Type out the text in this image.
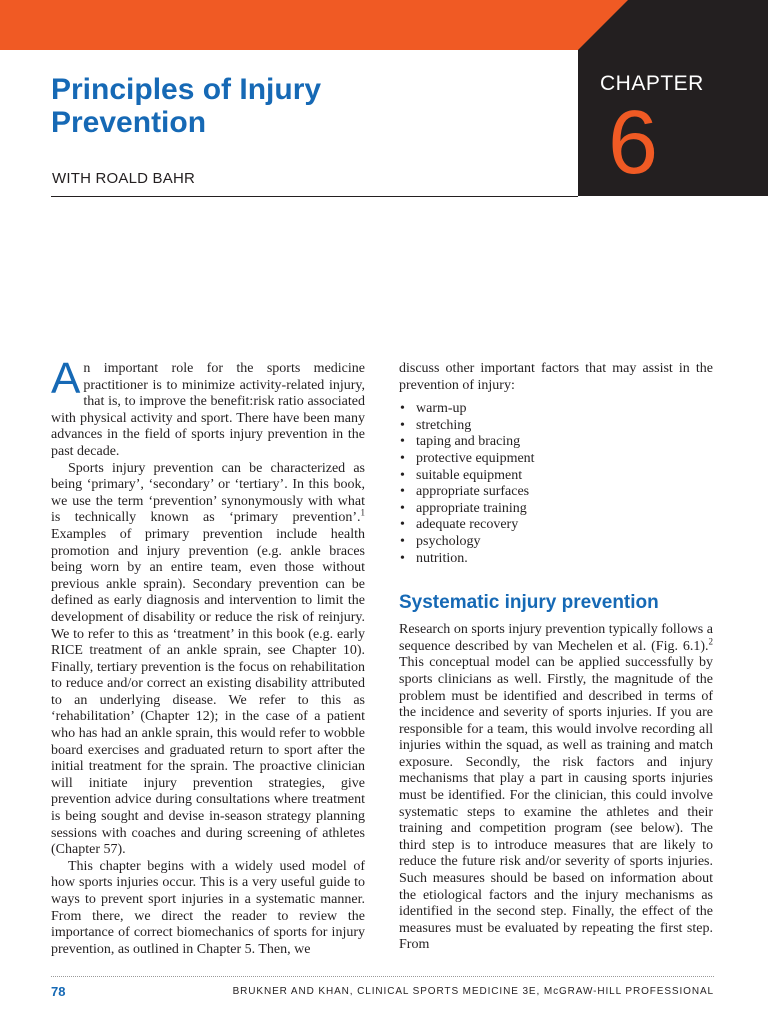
CHAPTER
6
Principles of Injury
Prevention
WITH ROALD BAHR

An important role for the sports medicine practitioner is to minimize activity-related injury, that is, to improve the benefit:risk ratio associated with physical activity and sport. There have been many advances in the field of sports injury prevention in the past decade.

Sports injury prevention can be characterized as being ‘primary’, ‘secondary’ or ‘tertiary’. In this book, we use the term ‘prevention’ synonymously with what is technically known as ‘primary prevention’.$^1$ Examples of primary prevention include health promotion and injury prevention (e.g. ankle braces being worn by an entire team, even those without previous ankle sprain). Secondary prevention can be defined as early diagnosis and intervention to limit the development of disability or reduce the risk of reinjury. We to refer to this as ‘treatment’ in this book (e.g. early RICE treatment of an ankle sprain, see Chapter 10). Finally, tertiary prevention is the focus on rehabilitation to reduce and/or correct an existing disability attributed to an underlying disease. We refer to this as ‘rehabilitation’ (Chapter 12); in the case of a patient who has had an ankle sprain, this would refer to wobble board exercises and graduated return to sport after the initial treatment for the sprain. The proactive clinician will initiate injury prevention strategies, give prevention advice during consultations where treatment is being sought and devise in-season strategy planning sessions with coaches and during screening of athletes (Chapter 57).

This chapter begins with a widely used model of how sports injuries occur. This is a very useful guide to ways to prevent sport injuries in a systematic manner. From there, we direct the reader to review the importance of correct biomechanics of sports for injury prevention, as outlined in Chapter 5. Then, we

discuss other important factors that may assist in the prevention of injury:

• warm-up
• stretching
• taping and bracing
• protective equipment
• suitable equipment
• appropriate surfaces
• appropriate training
• adequate recovery
• psychology
• nutrition.
Systematic injury prevention

Research on sports injury prevention typically follows a sequence described by van Mechelen et al. (Fig. 6.1).$^2$ This conceptual model can be applied successfully by sports clinicians as well. Firstly, the magnitude of the problem must be identified and described in terms of the incidence and severity of sports injuries. If you are responsible for a team, this would involve recording all injuries within the squad, as well as training and match exposure. Secondly, the risk factors and injury mechanisms that play a part in causing sports injuries must be identified. For the clinician, this could involve systematic steps to examine the athletes and their training and competition program (see below). The third step is to introduce measures that are likely to reduce the future risk and/or severity of sports injuries. Such measures should be based on information about the etiological factors and the injury mechanisms as identified in the second step. Finally, the effect of the measures must be evaluated by repeating the first step. From

78	BRUKNER AND KHAN, CLINICAL SPORTS MEDICINE 3E, McGRAW-HILL PROFESSIONAL
